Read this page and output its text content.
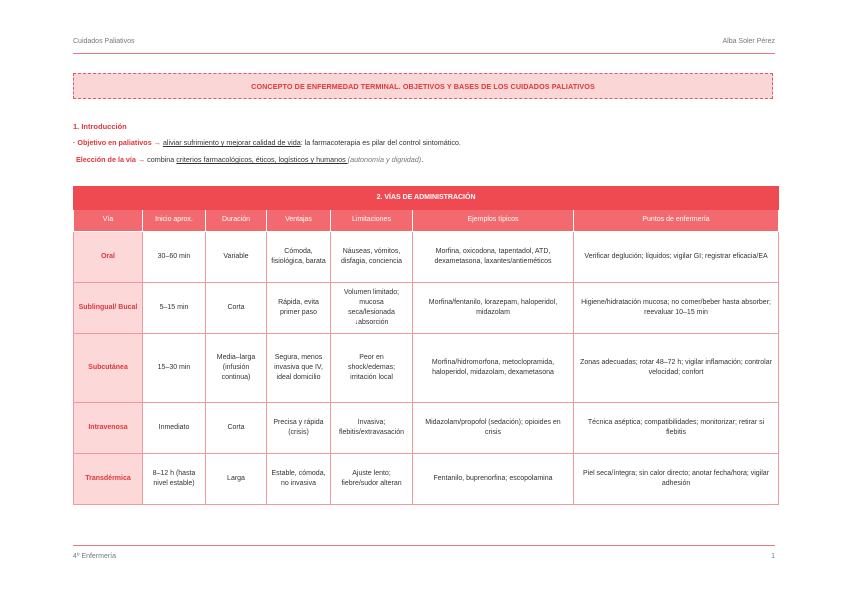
Cuidados Paliativos	Alba Soler Pérez
CONCEPTO DE ENFERMEDAD TERMINAL. OBJETIVOS Y BASES DE LOS CUIDADOS PALIATIVOS
1. Introducción
· Objetivo en paliativos → aliviar sufrimiento y mejorar calidad de vida: la farmacoterapia es pilar del control sintomático.
Elección de la vía → combina criterios farmacológicos, éticos, logísticos y humanos (autonomía y dignidad).
2. VÍAS DE ADMINISTRACIÓN						
Vía	Inicio aprox.	Duración	Ventajas	Limitaciones	Ejemplos típicos	Puntos de enfermería
Oral	30–60 min	Variable	Cómoda, fisiológica, barata	Náuseas, vómitos, disfagia, conciencia	Morfina, oxicodona, tapentadol, ATD, dexametasona, laxantes/antieméticos	Verificar deglución; líquidos; vigilar GI; registrar eficacia/EA
Sublingual/ Bucal	5–15 min	Corta	Rápida, evita primer paso	Volumen limitado; mucosa seca/lesionada ↓absorción	Morfina/fentanilo, lorazepam, haloperidol, midazolam	Higiene/hidratación mucosa; no comer/beber hasta absorber; reevaluar 10–15 min
Subcutánea	15–30 min	Media–larga (infusión continua)	Segura, menos invasiva que IV, ideal domicilio	Peor en shock/edemas; irritación local	Morfina/hidromorfona, metoclopramida, haloperidol, midazolam, dexametasona	Zonas adecuadas; rotar 48–72 h; vigilar inflamación; controlar velocidad; confort
Intravenosa	Inmediato	Corta	Precisa y rápida (crisis)	Invasiva; flebitis/extravasación	Midazolam/propofol (sedación); opioides en crisis	Técnica aséptica; compatibilidades; monitorizar; retirar si flebitis
Transdérmica	8–12 h (hasta nivel estable)	Larga	Estable, cómoda, no invasiva	Ajuste lento; fiebre/sudor alteran	Fentanilo, buprenorfina; escopolamina	Piel seca/íntegra; sin calor directo; anotar fecha/hora; vigilar adhesión
4º Enfermería	1
